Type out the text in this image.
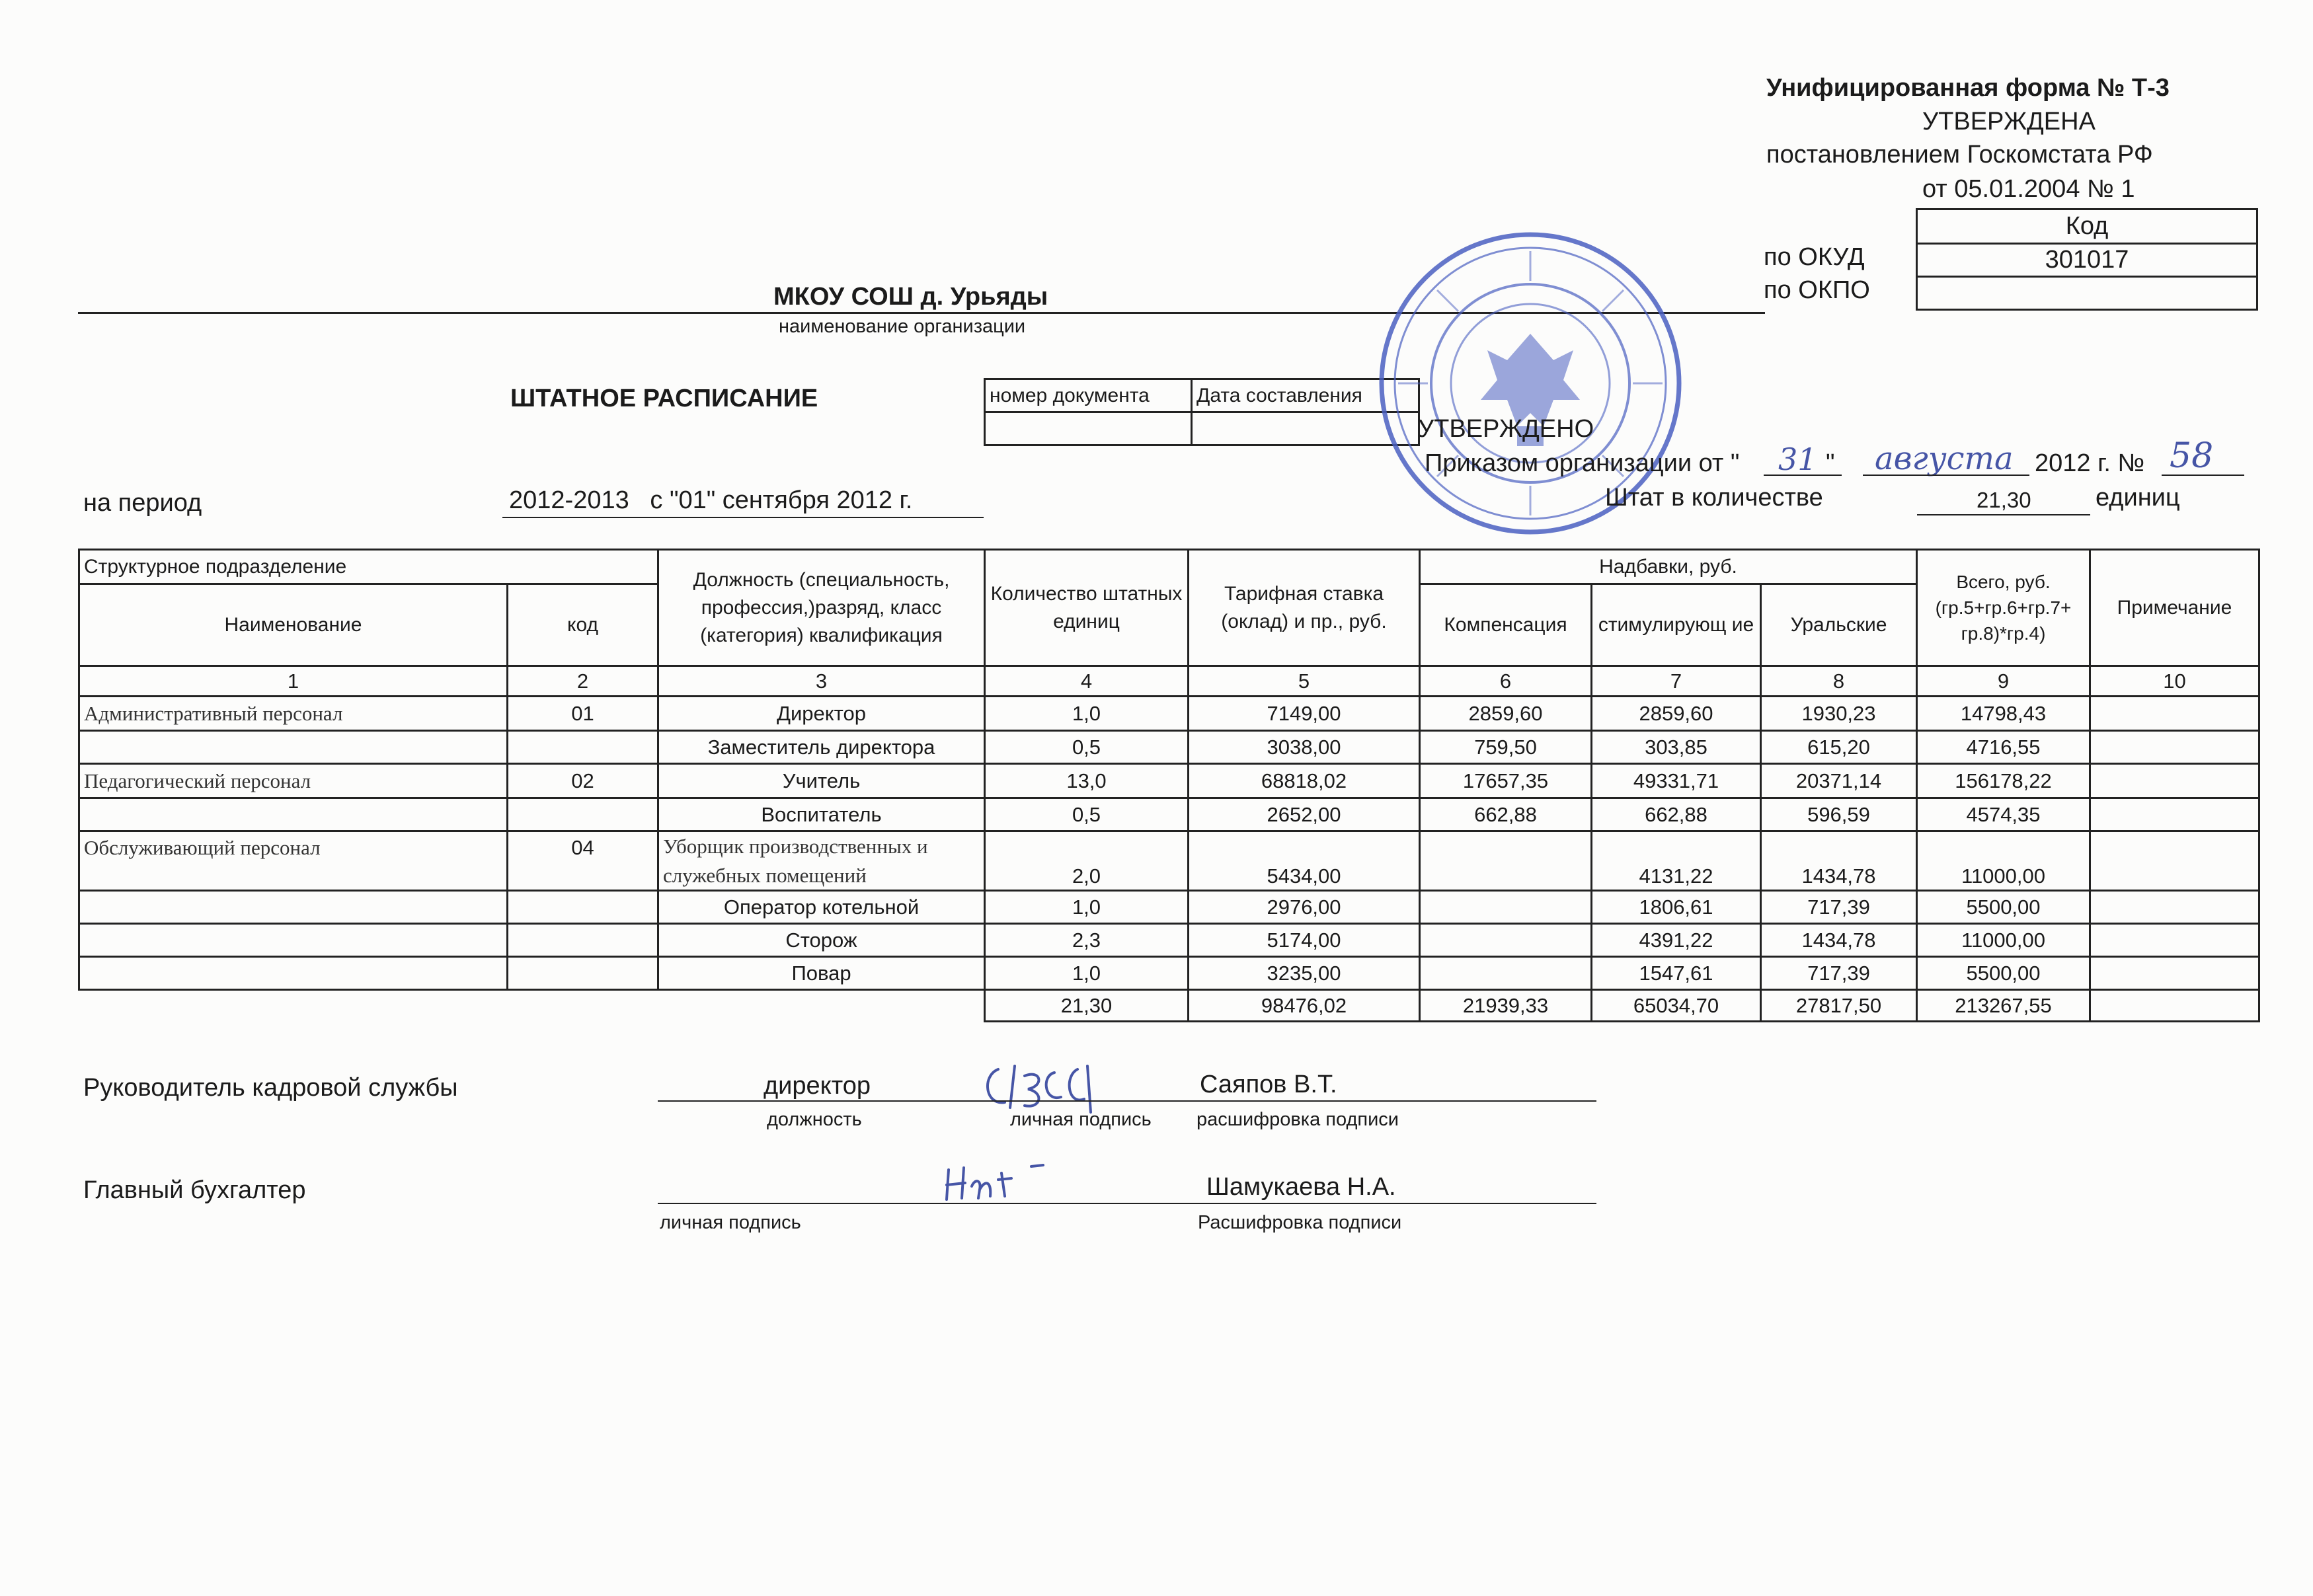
Унифицированная форма № Т-3
УТВЕРЖДЕНА
постановлением Госкомстата РФ
от 05.01.2004 № 1
по ОКУД
по ОКПО
Код
301017

МКОУ СОШ д. Урьяды
наименование организации
ШТАТНОЕ РАСПИСАНИЕ	номер документа	Дата составления

УТВЕРЖДЕНО
Приказом организации от " 31 " августа 2012 г. № 58
Штат в количестве	21,30	единиц
на период	2012-2013   с "01" сентября 2012 г.
Структурное подразделение		Должность (специальность, профессия,)разряд, класс (категория) квалификация	Количество штатных единиц	Тарифная ставка (оклад) и пр., руб.	Надбавки, руб.			Всего, руб. (гр.5+гр.6+гр.7+ гр.8)*гр.4)	Примечание
Наименование	код				Компенсация	стимулирующ ие	Уральские		
1	2	3	4	5	6	7	8	9	10
Административный персонал	01	Директор	1,0	7149,00	2859,60	2859,60	1930,23	14798,43	
		Заместитель директора	0,5	3038,00	759,50	303,85	615,20	4716,55	
Педагогический персонал	02	Учитель	13,0	68818,02	17657,35	49331,71	20371,14	156178,22	
		Воспитатель	0,5	2652,00	662,88	662,88	596,59	4574,35	
Обслуживающий персонал	04	Уборщик производственных и служебных помещений	2,0	5434,00		4131,22	1434,78	11000,00	
		Оператор котельной	1,0	2976,00		1806,61	717,39	5500,00	
		Сторож	2,3	5174,00		4391,22	1434,78	11000,00	
		Повар	1,0	3235,00		1547,61	717,39	5500,00	
			21,30	98476,02	21939,33	65034,70	27817,50	213267,55	
Руководитель кадровой службы	директор	Саяпов В.Т.
должность	личная подпись расшифровка подписи
Главный бухгалтер	Шамукаева Н.А.
личная подпись	Расшифровка подписи
